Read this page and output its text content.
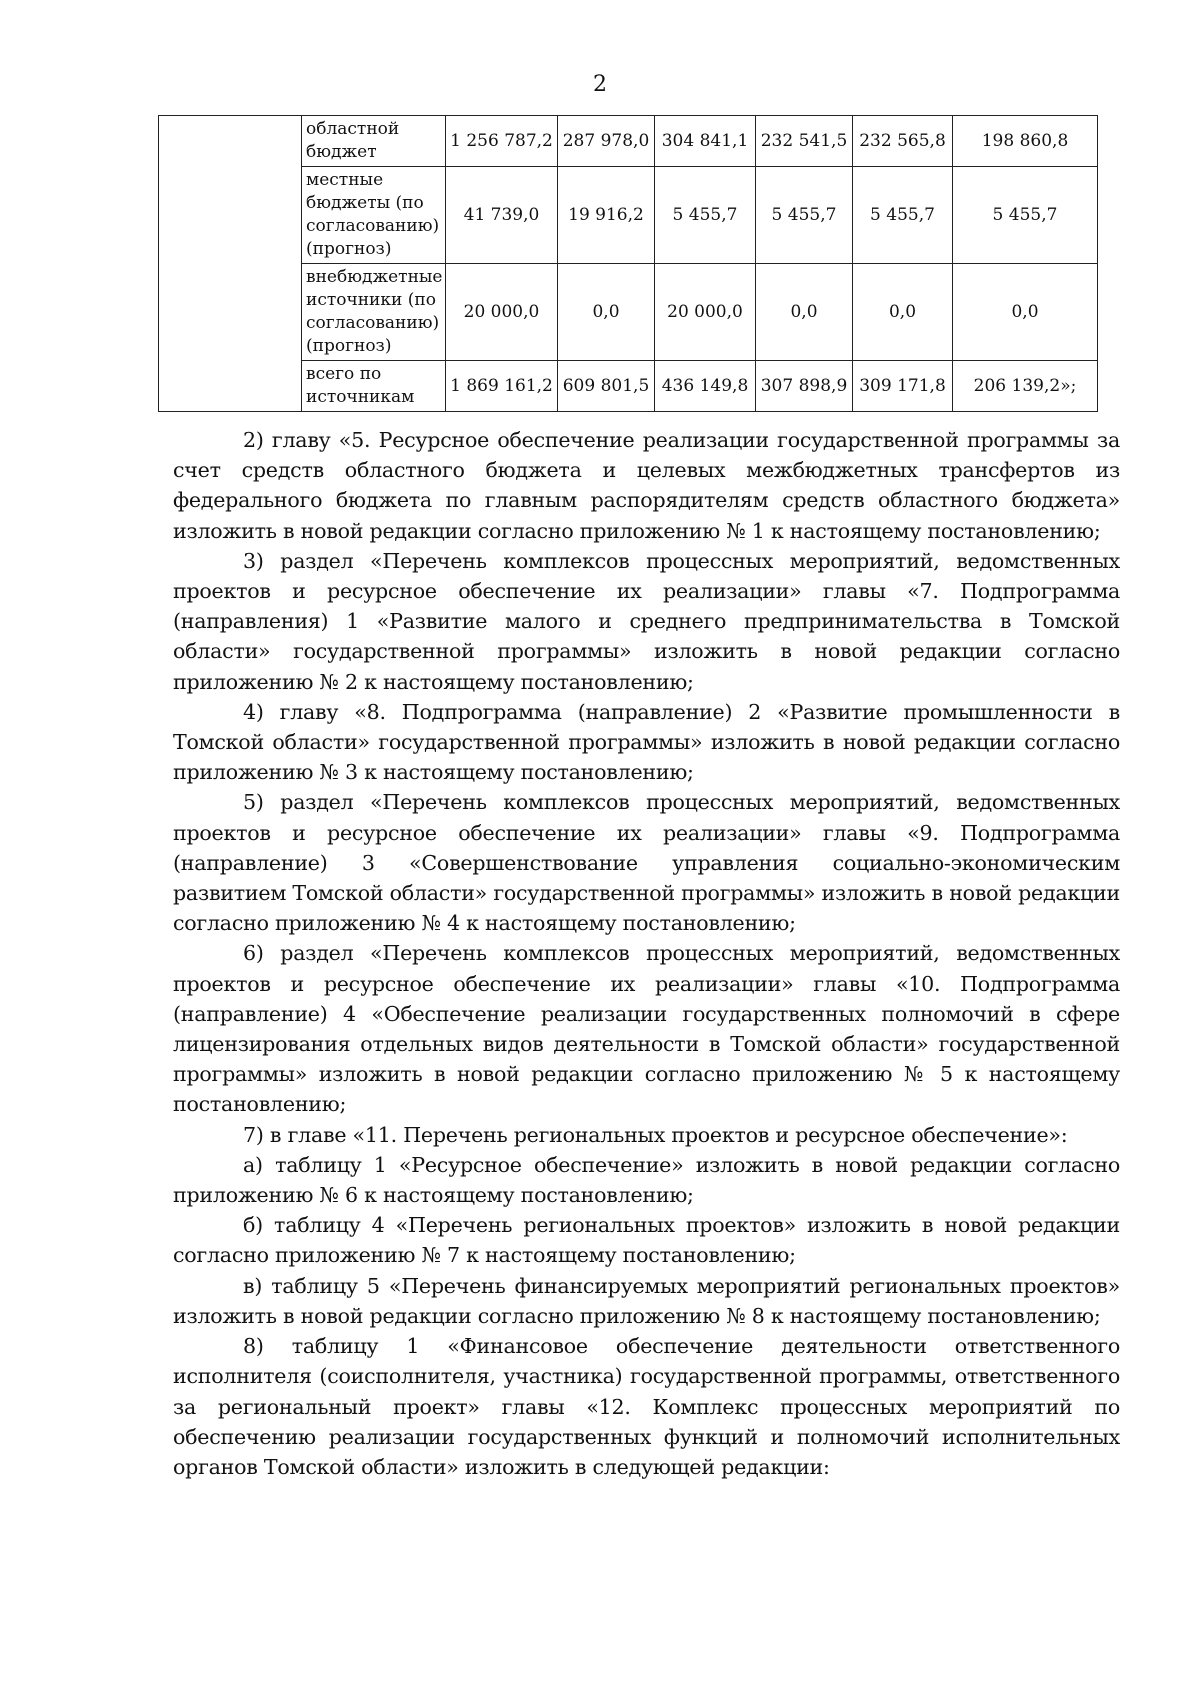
2
	областной бюджет	1 256 787,2	287 978,0	304 841,1	232 541,5	232 565,8	198 860,8
	местные бюджеты (по согласованию) (прогноз)	41 739,0	19 916,2	5 455,7	5 455,7	5 455,7	5 455,7
	внебюджетные источники (по согласованию) (прогноз)	20 000,0	0,0	20 000,0	0,0	0,0	0,0
	всего по источникам	1 869 161,2	609 801,5	436 149,8	307 898,9	309 171,8	206 139,2»;

2) главу «5. Ресурсное обеспечение реализации государственной программы за счет средств областного бюджета и целевых межбюджетных трансфертов из федерального бюджета по главным распорядителям средств областного бюджета» изложить в новой редакции согласно приложению № 1 к настоящему постановлению;

3) раздел «Перечень комплексов процессных мероприятий, ведомственных проектов и ресурсное обеспечение их реализации» главы «7. Подпрограмма (направления) 1 «Развитие малого и среднего предпринимательства в Томской области» государственной программы» изложить в новой редакции согласно приложению № 2 к настоящему постановлению;

4) главу «8. Подпрограмма (направление) 2 «Развитие промышленности в Томской области» государственной программы» изложить в новой редакции согласно приложению № 3 к настоящему постановлению;

5) раздел «Перечень комплексов процессных мероприятий, ведомственных проектов и ресурсное обеспечение их реализации» главы «9. Подпрограмма (направление) 3 «Совершенствование управления социально-экономическим развитием Томской области» государственной программы» изложить в новой редакции согласно приложению № 4 к настоящему постановлению;

6) раздел «Перечень комплексов процессных мероприятий, ведомственных проектов и ресурсное обеспечение их реализации» главы «10. Подпрограмма (направление) 4 «Обеспечение реализации государственных полномочий в сфере лицензирования отдельных видов деятельности в Томской области» государственной программы» изложить в новой редакции согласно приложению № 5 к настоящему постановлению;

7) в главе «11. Перечень региональных проектов и ресурсное обеспечение»:

а) таблицу 1 «Ресурсное обеспечение» изложить в новой редакции согласно приложению № 6 к настоящему постановлению;

б) таблицу 4 «Перечень региональных проектов» изложить в новой редакции согласно приложению № 7 к настоящему постановлению;

в) таблицу 5 «Перечень финансируемых мероприятий региональных проектов» изложить в новой редакции согласно приложению № 8 к настоящему постановлению;

8) таблицу 1 «Финансовое обеспечение деятельности ответственного исполнителя (соисполнителя, участника) государственной программы, ответственного за региональный проект» главы «12. Комплекс процессных мероприятий по обеспечению реализации государственных функций и полномочий исполнительных органов Томской области» изложить в следующей редакции:
